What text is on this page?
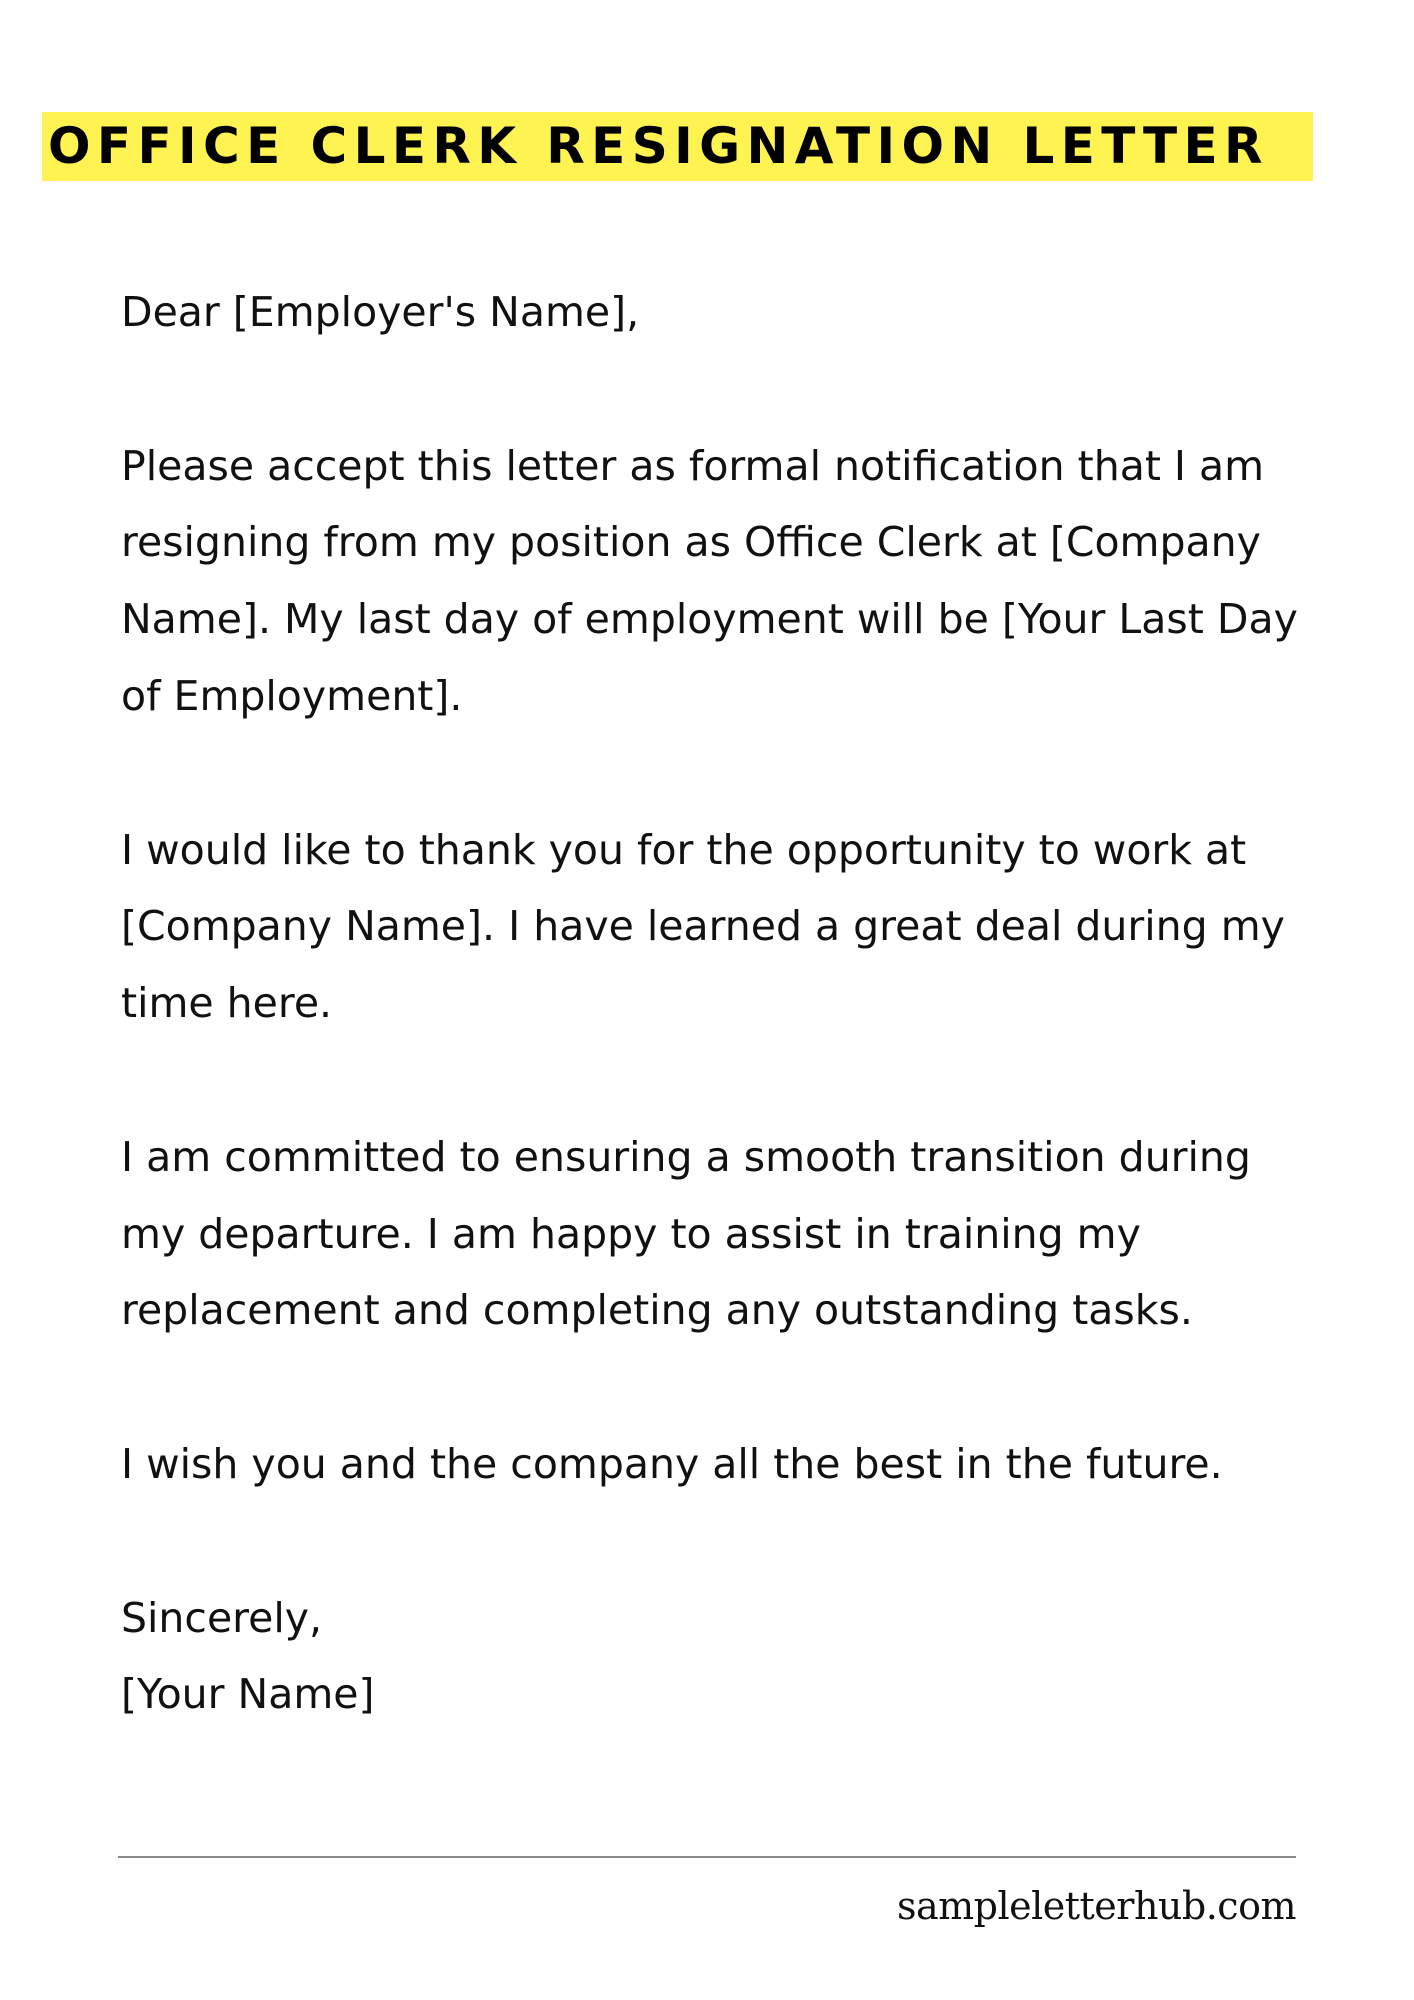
OFFICE CLERK RESIGNATION LETTER
Dear [Employer's Name],
Please accept this letter as formal notification that I am
resigning from my position as Office Clerk at [Company
Name]. My last day of employment will be [Your Last Day
of Employment].
I would like to thank you for the opportunity to work at
[Company Name]. I have learned a great deal during my
time here.
I am committed to ensuring a smooth transition during
my departure. I am happy to assist in training my
replacement and completing any outstanding tasks.
I wish you and the company all the best in the future.
Sincerely,
[Your Name]
sampleletterhub.com
